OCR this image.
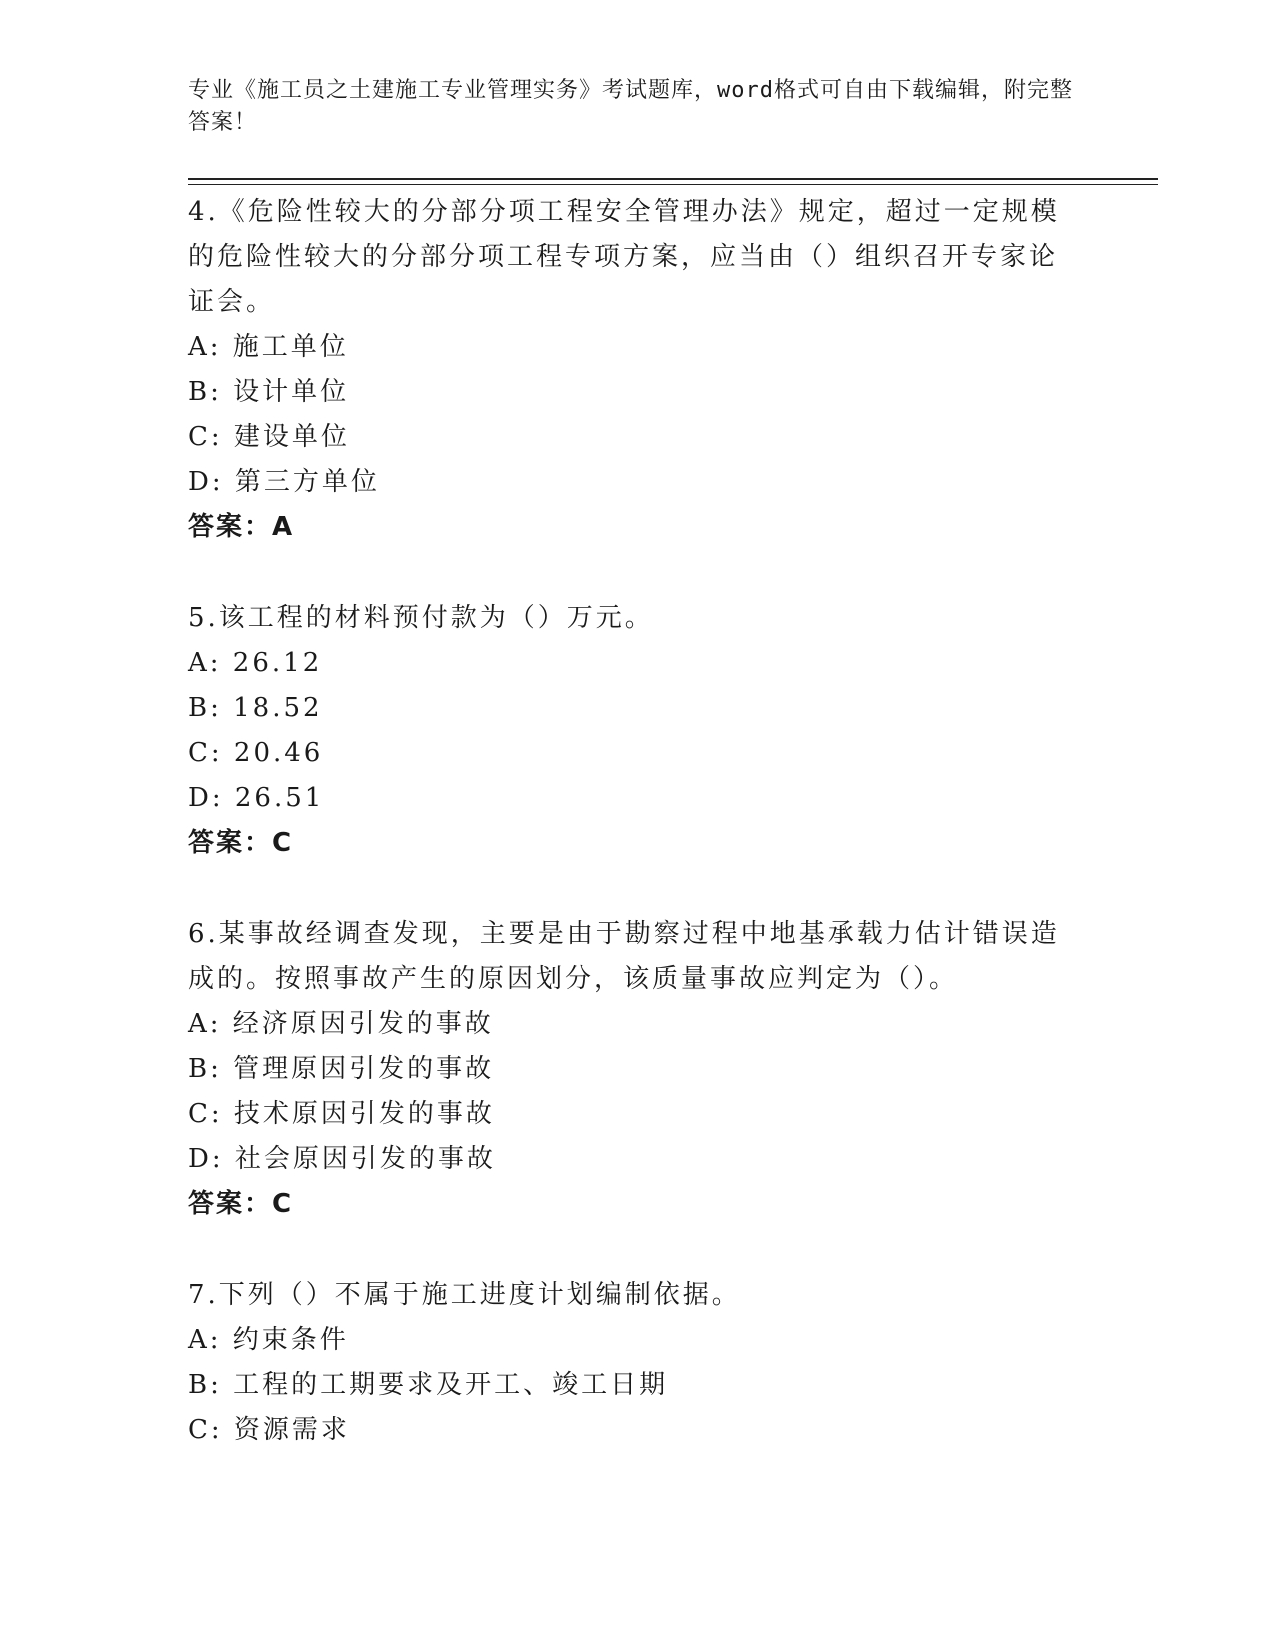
专业《施工员之土建施工专业管理实务》考试题库，word格式可自由下载编辑，附完整答案！
4.《危险性较大的分部分项工程安全管理办法》规定，超过一定规模的危险性较大的分部分项工程专项方案，应当由（）组织召开专家论证会。
A: 施工单位
B: 设计单位
C: 建设单位
D: 第三方单位
答案：A
5.该工程的材料预付款为（）万元。
A: 26.12
B: 18.52
C: 20.46
D: 26.51
答案：C
6.某事故经调查发现，主要是由于勘察过程中地基承载力估计错误造成的。按照事故产生的原因划分，该质量事故应判定为（）。
A: 经济原因引发的事故
B: 管理原因引发的事故
C: 技术原因引发的事故
D: 社会原因引发的事故
答案：C
7.下列（）不属于施工进度计划编制依据。
A: 约束条件
B: 工程的工期要求及开工、竣工日期
C: 资源需求
